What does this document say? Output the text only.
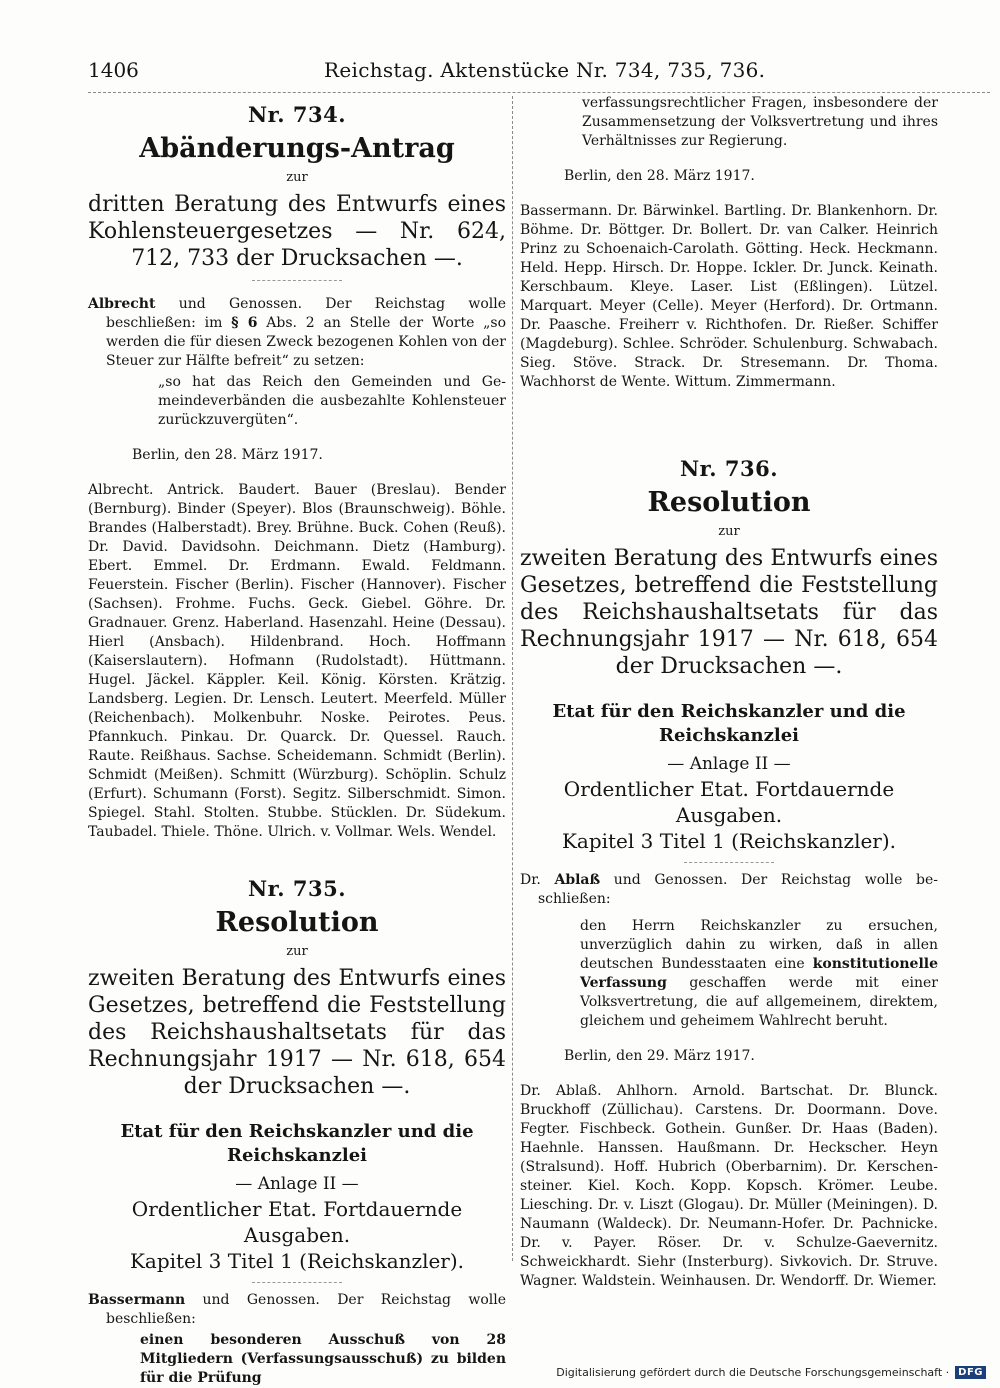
1406	Reichstag. Aktenstücke Nr. 734, 735, 736.
Nr. 734.
Abänderungs-Antrag
zur

dritten Beratung des Entwurfs eines Kohlensteuergesetzes — Nr. 624, 712, 733 der Drucksachen —.

Albrecht und Genossen. Der Reichstag wolle beschließen: im § 6 Abs. 2 an Stelle der Worte „so werden die für diesen Zweck bezogenen Kohlen von der Steuer zur Hälfte befreit“ zu setzen:

„so hat das Reich den Gemeinden und Gemeindeverbänden die ausbezahlte Kohlensteuer zurückzuvergüten“.

Berlin, den 28. März 1917.

Albrecht. Antrick. Baudert. Bauer (Breslau). Bender (Bernburg). Binder (Speyer). Blos (Braunschweig). Böhle. Brandes (Halberstadt). Brey. Brühne. Buck. Cohen (Reuß). Dr. David. Davidsohn. Deichmann. Dietz (Hamburg). Ebert. Emmel. Dr. Erdmann. Ewald. Feldmann. Feuerstein. Fischer (Berlin). Fischer (Hannover). Fischer (Sachsen). Frohme. Fuchs. Geck. Giebel. Göhre. Dr. Gradnauer. Grenz. Haberland. Hasenzahl. Heine (Dessau). Hierl (Ansbach). Hildenbrand. Hoch. Hoffmann (Kaiserslautern). Hofmann (Rudolstadt). Hüttmann. Hugel. Jäckel. Käppler. Keil. König. Körsten. Krätzig. Landsberg. Legien. Dr. Lensch. Leutert. Meerfeld. Müller (Reichenbach). Molkenbuhr. Noske. Peirotes. Peus. Pfannkuch. Pinkau. Dr. Quarck. Dr. Quessel. Rauch. Raute. Reißhaus. Sachse. Scheidemann. Schmidt (Berlin). Schmidt (Meißen). Schmitt (Würzburg). Schöplin. Schulz (Erfurt). Schumann (Forst). Segitz. Silberschmidt. Simon. Spiegel. Stahl. Stolten. Stubbe. Stücklen. Dr. Südekum. Taubadel. Thiele. Thöne. Ulrich. v. Vollmar. Wels. Wendel.

Nr. 735.
Resolution
zur

zweiten Beratung des Entwurfs eines Gesetzes, betreffend die Feststellung des Reichshaushaltsetats für das Rechnungsjahr 1917 — Nr. 618, 654 der Drucksachen —.

Etat für den Reichskanzler und die Reichskanzlei

— Anlage II —

Ordentlicher Etat. Fortdauernde Ausgaben.

Kapitel 3 Titel 1 (Reichskanzler).

Bassermann und Genossen. Der Reichstag wolle beschließen:

einen besonderen Ausschuß von 28 Mitgliedern (Verfassungsausschuß) zu bilden für die Prüfung

verfassungsrechtlicher Fragen, insbesondere der Zusammensetzung der Volksvertretung und ihres Verhältnisses zur Regierung.

Berlin, den 28. März 1917.

Bassermann. Dr. Bärwinkel. Bartling. Dr. Blankenhorn. Dr. Böhme. Dr. Böttger. Dr. Bollert. Dr. van Calker. Heinrich Prinz zu Schoenaich-Carolath. Götting. Heck. Heckmann. Held. Hepp. Hirsch. Dr. Hoppe. Ickler. Dr. Junck. Keinath. Kerschbaum. Kleye. Laser. List (Eßlingen). Lützel. Marquart. Meyer (Celle). Meyer (Herford). Dr. Ortmann. Dr. Paasche. Freiherr v. Richthofen. Dr. Rießer. Schiffer (Magdeburg). Schlee. Schröder. Schulenburg. Schwabach. Sieg. Stöve. Strack. Dr. Stresemann. Dr. Thoma. Wachhorst de Wente. Wittum. Zimmermann.

Nr. 736.
Resolution
zur

zweiten Beratung des Entwurfs eines Gesetzes, betreffend die Feststellung des Reichshaushaltsetats für das Rechnungsjahr 1917 — Nr. 618, 654 der Drucksachen —.

Etat für den Reichskanzler und die Reichskanzlei

— Anlage II —

Ordentlicher Etat. Fortdauernde Ausgaben.

Kapitel 3 Titel 1 (Reichskanzler).

Dr. Ablaß und Genossen. Der Reichstag wolle beschließen:

den Herrn Reichskanzler zu ersuchen, unverzüglich dahin zu wirken, daß in allen deutschen Bundesstaaten eine konstitutionelle Verfassung geschaffen werde mit einer Volksvertretung, die auf allgemeinem, direktem, gleichem und geheimem Wahlrecht beruht.

Berlin, den 29. März 1917.

Dr. Ablaß. Ahlhorn. Arnold. Bartschat. Dr. Blunck. Bruckhoff (Züllichau). Carstens. Dr. Doormann. Dove. Fegter. Fischbeck. Gothein. Gunßer. Dr. Haas (Baden). Haehnle. Hanssen. Haußmann. Dr. Heckscher. Heyn (Stralsund). Hoff. Hubrich (Oberbarnim). Dr. Kerschensteiner. Kiel. Koch. Kopp. Kopsch. Krömer. Leube. Liesching. Dr. v. Liszt (Glogau). Dr. Müller (Meiningen). D. Naumann (Waldeck). Dr. Neumann-Hofer. Dr. Pachnicke. Dr. v. Payer. Röser. Dr. v. Schulze-Gaevernitz. Schweickhardt. Siehr (Insterburg). Sivkovich. Dr. Struve. Wagner. Waldstein. Weinhausen. Dr. Wendorff. Dr. Wiemer.

Digitalisierung gefördert durch die Deutsche Forschungsgemeinschaft · DFG
